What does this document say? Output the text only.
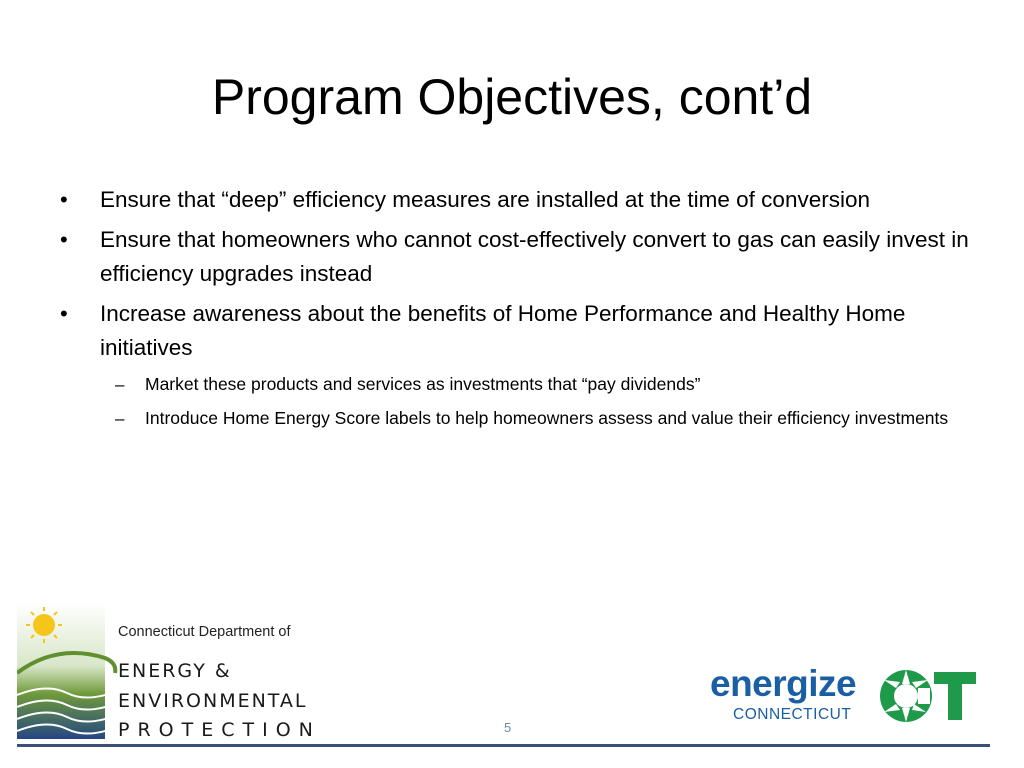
Program Objectives, cont’d
• Ensure that “deep” efficiency measures are installed at the time of conversion
• Ensure that homeowners who cannot cost-effectively convert to gas can easily invest in efficiency upgrades instead
• Increase awareness about the benefits of Home Performance and Healthy Home initiatives
– Market these products and services as investments that “pay dividends”
– Introduce Home Energy Score labels to help homeowners assess and value their efficiency investments
Connecticut Department of
ENERGY &
ENVIRONMENTAL
PROTECTION
energize
CONNECTICUT
5
